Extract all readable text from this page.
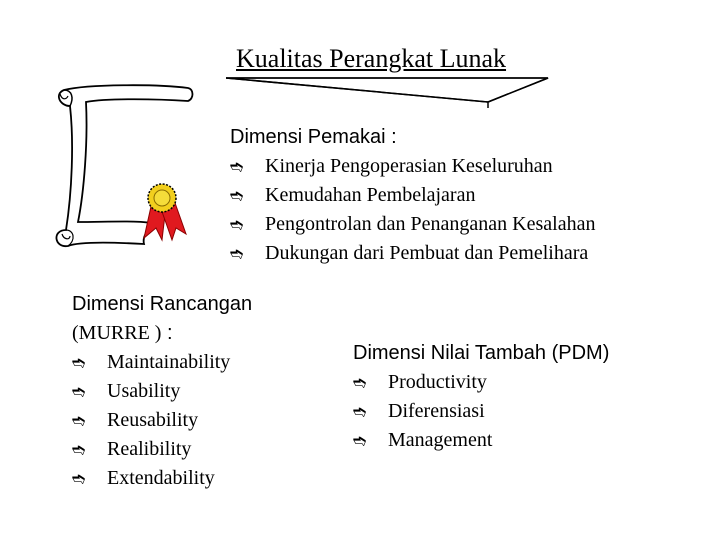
Kualitas Perangkat Lunak
Dimensi Pemakai :
➬ Kinerja Pengoperasian Keseluruhan
➬ Kemudahan Pembelajaran
➬ Pengontrolan dan Penanganan Kesalahan
➬ Dukungan dari Pembuat dan Pemelihara
Dimensi Rancangan
(MURRE ) :
➬ Maintainability
➬ Usability
➬ Reusability
➬ Realibility
➬ Extendability
Dimensi Nilai Tambah (PDM)
➬ Productivity
➬ Diferensiasi
➬ Management
